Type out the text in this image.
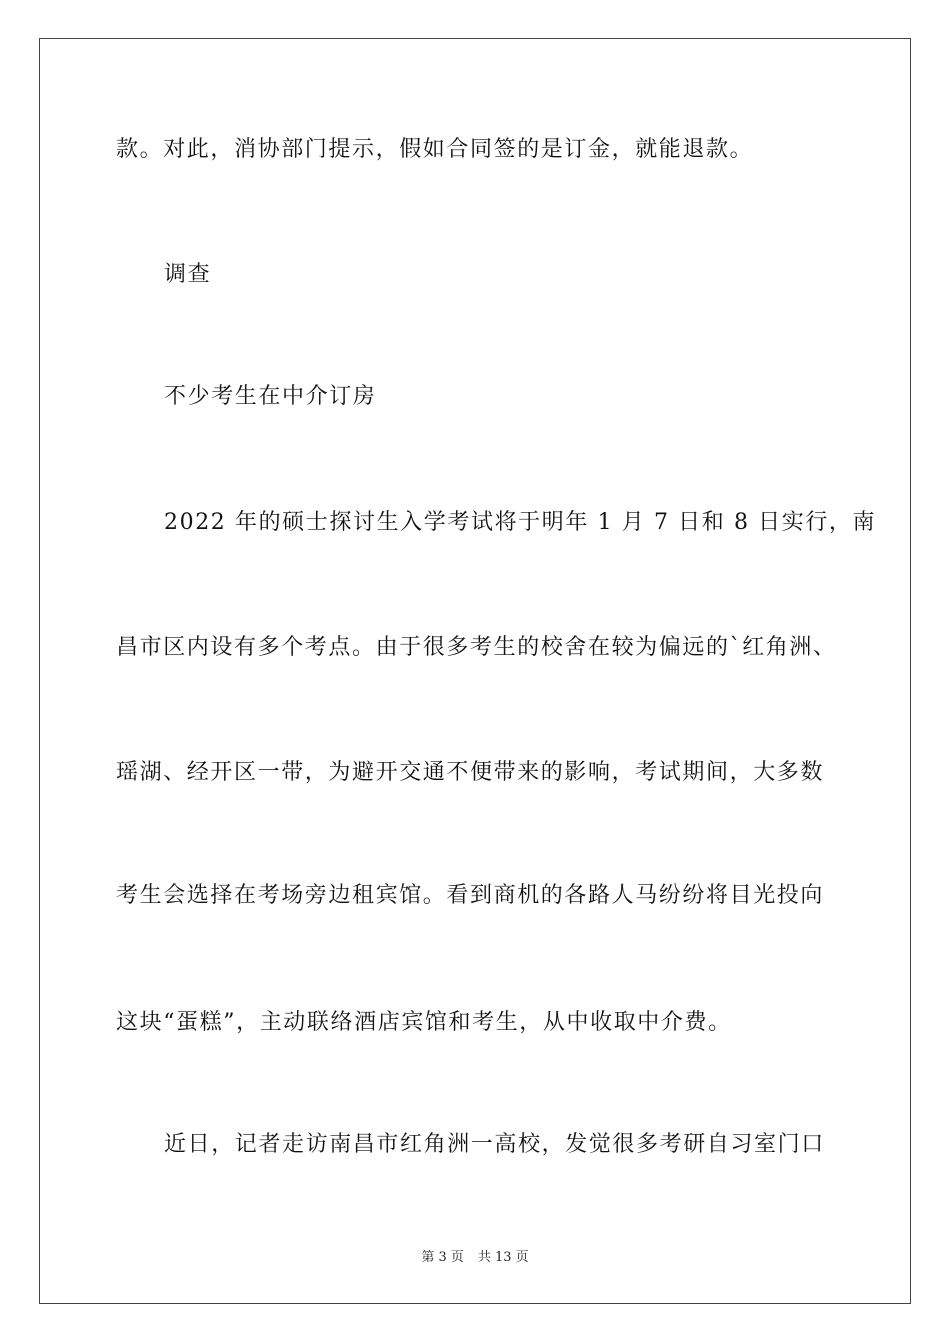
款。对此，消协部门提示，假如合同签的是订金，就能退款。
调查
不少考生在中介订房
2022 年的硕士探讨生入学考试将于明年 1 月 7 日和 8 日实行，南
昌市区内设有多个考点。由于很多考生的校舍在较为偏远的`红角洲、
瑶湖、经开区一带，为避开交通不便带来的影响，考试期间，大多数
考生会选择在考场旁边租宾馆。看到商机的各路人马纷纷将目光投向
这块“蛋糕”，主动联络酒店宾馆和考生，从中收取中介费。
近日，记者走访南昌市红角洲一高校，发觉很多考研自习室门口
第 3 页 共 13 页
